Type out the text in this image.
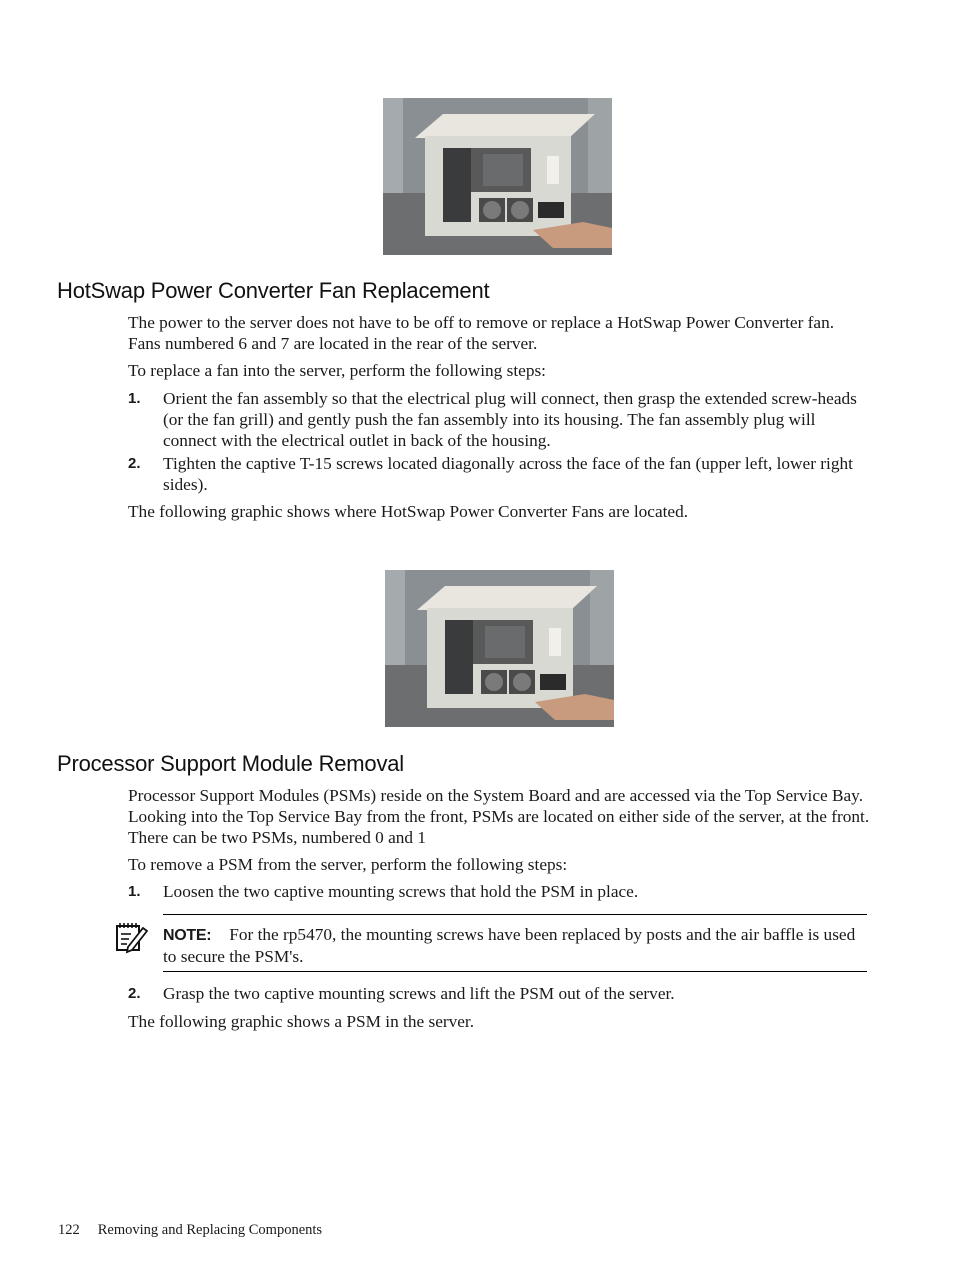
HotSwap Power Converter Fan Replacement

The power to the server does not have to be off to remove or replace a HotSwap Power Converter fan. Fans numbered 6 and 7 are located in the rear of the server.

To replace a fan into the server, perform the following steps:

1. Orient the fan assembly so that the electrical plug will connect, then grasp the extended screw-heads (or the fan grill) and gently push the fan assembly into its housing. The fan assembly plug will connect with the electrical outlet in back of the housing.
2. Tighten the captive T-15 screws located diagonally across the face of the fan (upper left, lower right sides).

The following graphic shows where HotSwap Power Converter Fans are located.

Processor Support Module Removal

Processor Support Modules (PSMs) reside on the System Board and are accessed via the Top Service Bay. Looking into the Top Service Bay from the front, PSMs are located on either side of the server, at the front. There can be two PSMs, numbered 0 and 1

To remove a PSM from the server, perform the following steps:

1. Loosen the two captive mounting screws that hold the PSM in place.
NOTE: For the rp5470, the mounting screws have been replaced by posts and the air baffle is used to secure the PSM's.
2. Grasp the two captive mounting screws and lift the PSM out of the server.

The following graphic shows a PSM in the server.

122 Removing and Replacing Components
